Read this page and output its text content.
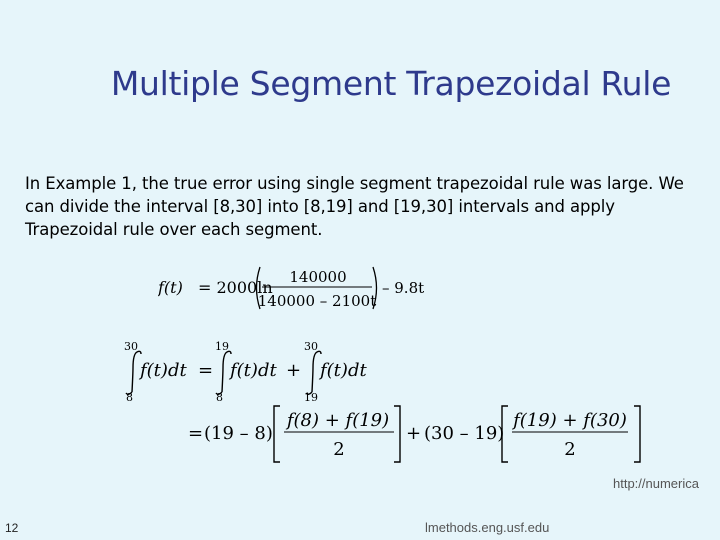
Multiple Segment Trapezoidal Rule
In Example 1, the true error using single segment trapezoidal rule was large. We can divide the interval [8,30] into [8,19] and [19,30] intervals and apply Trapezoidal rule over each segment.
f(t) = 2000ln
140000
140000 – 2100t
– 9.8t
30
8
f(t)dt =
19
8
f(t)dt +
30
19
f(t)dt
= (19 – 8)
f(8) + f(19)
2
+ (30 – 19)
f(19) + f(30)
2
http://numerica
lmethods.eng.usf.edu
12
